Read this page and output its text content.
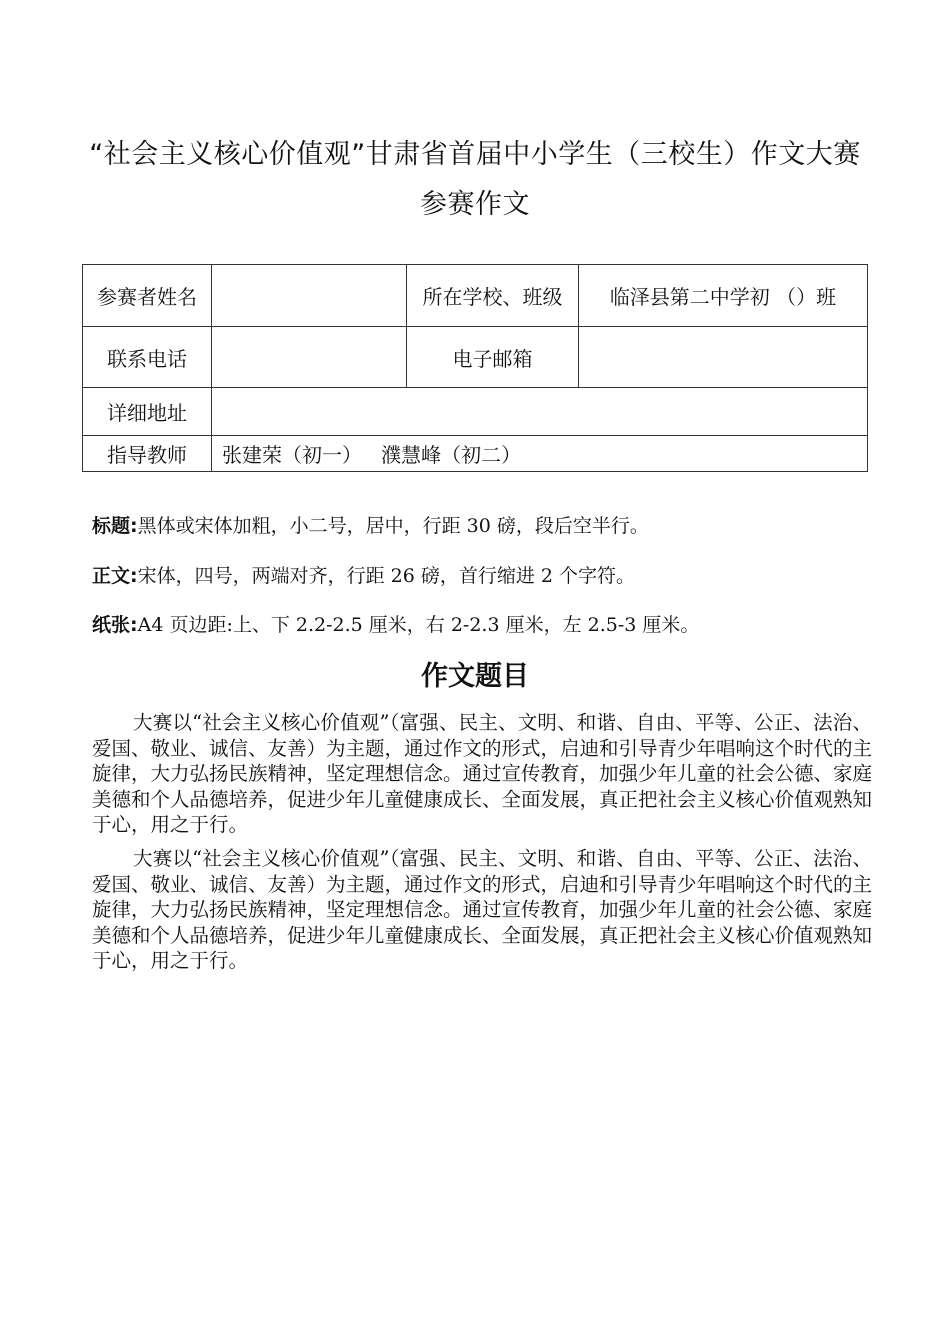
“社会主义核心价值观”甘肃省首届中小学生（三校生）作文大赛
参赛作文
参赛者姓名		所在学校、班级	临泽县第二中学初 （）班
联系电话		电子邮箱	
详细地址			
指导教师	张建荣（初一）   濮慧峰（初二）		
标题:黑体或宋体加粗，小二号，居中，行距 30 磅，段后空半行。
正文:宋体，四号，两端对齐，行距 26 磅，首行缩进 2 个字符。
纸张:A4 页边距:上、下 2.2-2.5 厘米，右 2-2.3 厘米，左 2.5-3 厘米。
作文题目

大赛以“社会主义核心价值观”（富强、民主、文明、和谐、自由、平等、公正、法治、爱国、敬业、诚信、友善）为主题，通过作文的形式，启迪和引导青少年唱响这个时代的主旋律，大力弘扬民族精神，坚定理想信念。通过宣传教育，加强少年儿童的社会公德、家庭美德和个人品德培养，促进少年儿童健康成长、全面发展，真正把社会主义核心价值观熟知于心，用之于行。

大赛以“社会主义核心价值观”（富强、民主、文明、和谐、自由、平等、公正、法治、爱国、敬业、诚信、友善）为主题，通过作文的形式，启迪和引导青少年唱响这个时代的主旋律，大力弘扬民族精神，坚定理想信念。通过宣传教育，加强少年儿童的社会公德、家庭美德和个人品德培养，促进少年儿童健康成长、全面发展，真正把社会主义核心价值观熟知于心，用之于行。
